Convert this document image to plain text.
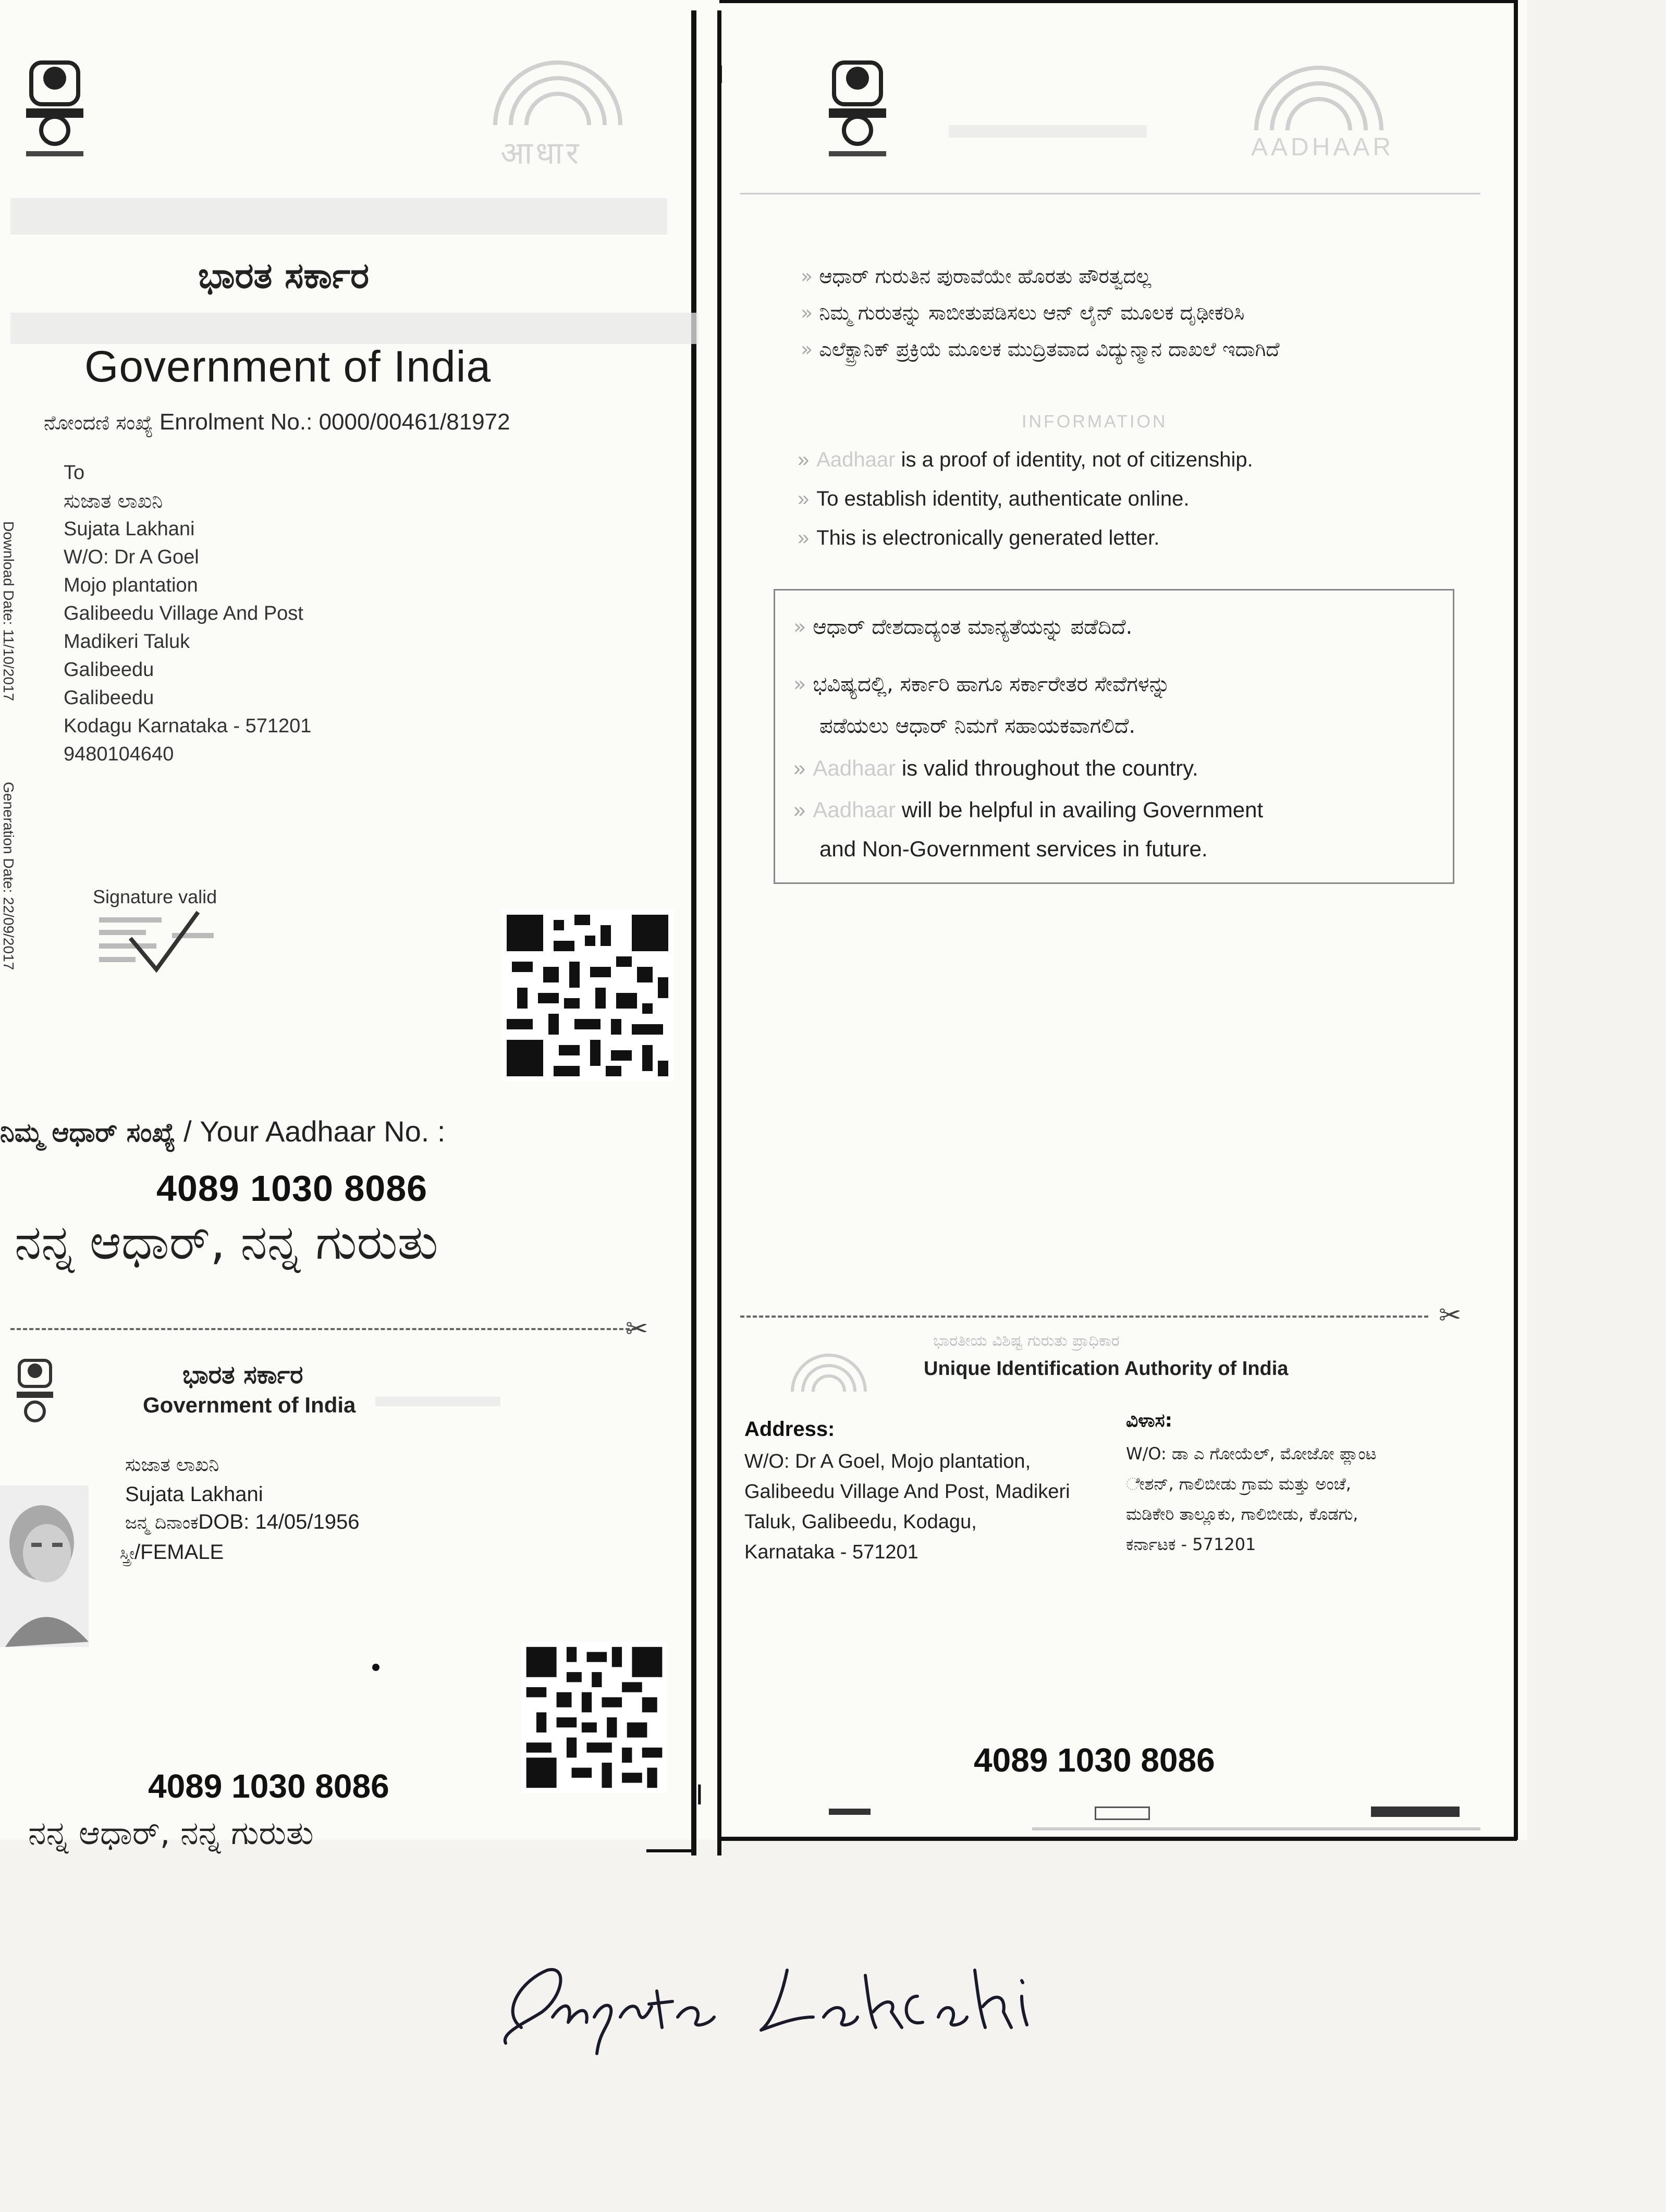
I
I
✂	✂
आधार
ಭಾರತ ಸರ್ಕಾರ
Government of India
ನೋಂದಣಿ ಸಂಖ್ಯೆ Enrolment No.: 0000/00461/81972
To
ಸುಜಾತ ಲಾಖನಿ
Sujata Lakhani
W/O: Dr A Goel
Mojo plantation
Galibeedu Village And Post
Madikeri Taluk
Galibeedu
Galibeedu
Kodagu Karnataka - 571201
9480104640
Download Date: 11/10/2017
Generation Date: 22/09/2017	Signature valid
ನಿಮ್ಮ ಆಧಾರ್ ಸಂಖ್ಯೆ / Your Aadhaar No. :
4089 1030 8086
ನನ್ನ ಆಧಾರ್, ನನ್ನ ಗುರುತು
AADHAAR
» ಆಧಾರ್ ಗುರುತಿನ ಪುರಾವೆಯೇ ಹೊರತು ಪೌರತ್ವದಲ್ಲ
» ನಿಮ್ಮ ಗುರುತನ್ನು ಸಾಬೀತುಪಡಿಸಲು ಆನ್ ಲೈನ್ ಮೂಲಕ ದೃಢೀಕರಿಸಿ
» ಎಲೆಕ್ಟ್ರಾನಿಕ್ ಪ್ರಕ್ರಿಯೆ ಮೂಲಕ ಮುದ್ರಿತವಾದ ವಿದ್ಯುನ್ಮಾನ ದಾಖಲೆ ಇದಾಗಿದೆ
INFORMATION
» Aadhaar is a proof of identity, not of citizenship.
» To establish identity, authenticate online.
» This is electronically generated letter.
» ಆಧಾರ್ ದೇಶದಾದ್ಯಂತ ಮಾನ್ಯತೆಯನ್ನು ಪಡೆದಿದೆ.
» ಭವಿಷ್ಯದಲ್ಲಿ, ಸರ್ಕಾರಿ ಹಾಗೂ ಸರ್ಕಾರೇತರ ಸೇವೆಗಳನ್ನು
ಪಡೆಯಲು ಆಧಾರ್ ನಿಮಗೆ ಸಹಾಯಕವಾಗಲಿದೆ.
» Aadhaar is valid throughout the country.
» Aadhaar will be helpful in availing Government
and Non-Government services in future.
ಭಾರತ ಸರ್ಕಾರ
Government of India
ಸುಜಾತ ಲಾಖನಿ
Sujata Lakhani
ಜನ್ಮ ದಿನಾಂಕDOB: 14/05/1956
ಸ್ತ್ರೀ/FEMALE
4089 1030 8086
ನನ್ನ ಆಧಾರ್, ನನ್ನ ಗುರುತು
ಭಾರತೀಯ ವಿಶಿಷ್ಟ ಗುರುತು ಪ್ರಾಧಿಕಾರ
Unique Identification Authority of India
Address:
W/O: Dr A Goel, Mojo plantation,
Galibeedu Village And Post, Madikeri
Taluk, Galibeedu, Kodagu,
Karnataka - 571201
ವಿಳಾಸ:
W/O: ಡಾ ಎ ಗೋಯೆಲ್, ಮೋಜೋ ಪ್ಲಾಂಟ
ೇಶನ್, ಗಾಲಿಬೀಡು ಗ್ರಾಮ ಮತ್ತು ಅಂಚೆ,
ಮಡಿಕೇರಿ ತಾಲ್ಲೂಕು, ಗಾಲಿಬೀಡು, ಕೊಡಗು,
ಕರ್ನಾಟಕ - 571201
4089 1030 8086
